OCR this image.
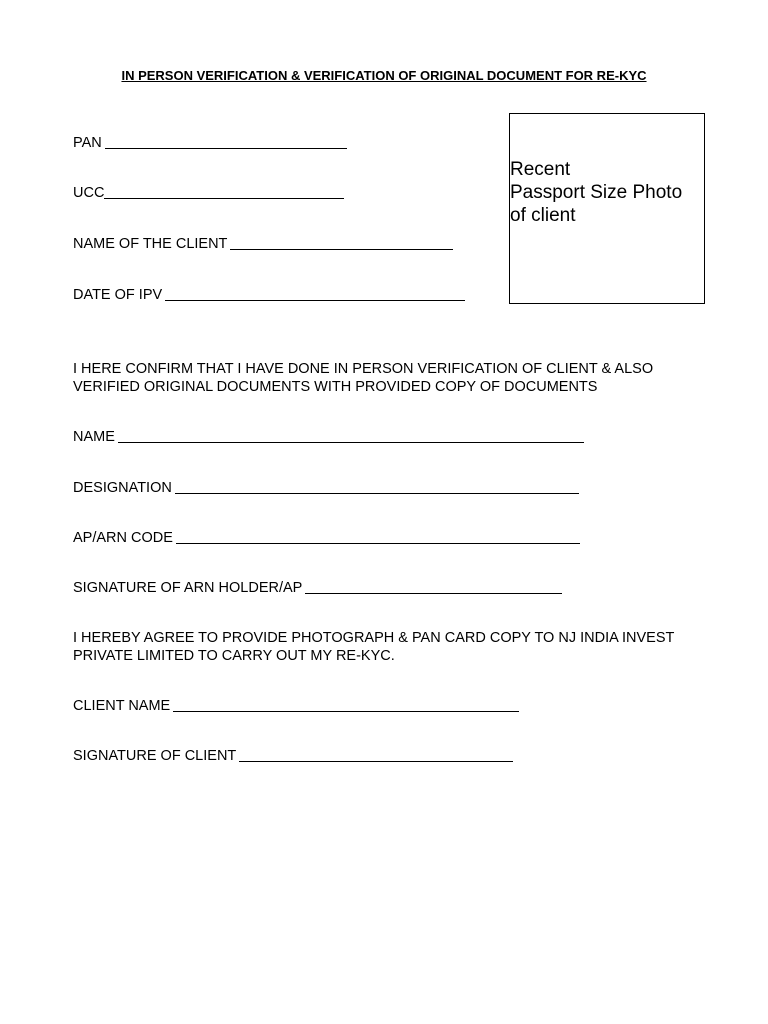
IN PERSON VERIFICATION & VERIFICATION OF ORIGINAL DOCUMENT FOR RE-KYC
Recent
Passport Size Photo
of client
PAN
UCC
NAME OF THE CLIENT
DATE OF IPV
I HERE CONFIRM THAT I HAVE DONE IN PERSON VERIFICATION OF CLIENT & ALSO VERIFIED ORIGINAL DOCUMENTS WITH PROVIDED COPY OF DOCUMENTS
NAME
DESIGNATION
AP/ARN CODE
SIGNATURE OF ARN HOLDER/AP
I HEREBY AGREE TO PROVIDE PHOTOGRAPH & PAN CARD COPY TO NJ INDIA INVEST PRIVATE LIMITED TO CARRY OUT MY RE-KYC.
CLIENT NAME
SIGNATURE OF CLIENT
